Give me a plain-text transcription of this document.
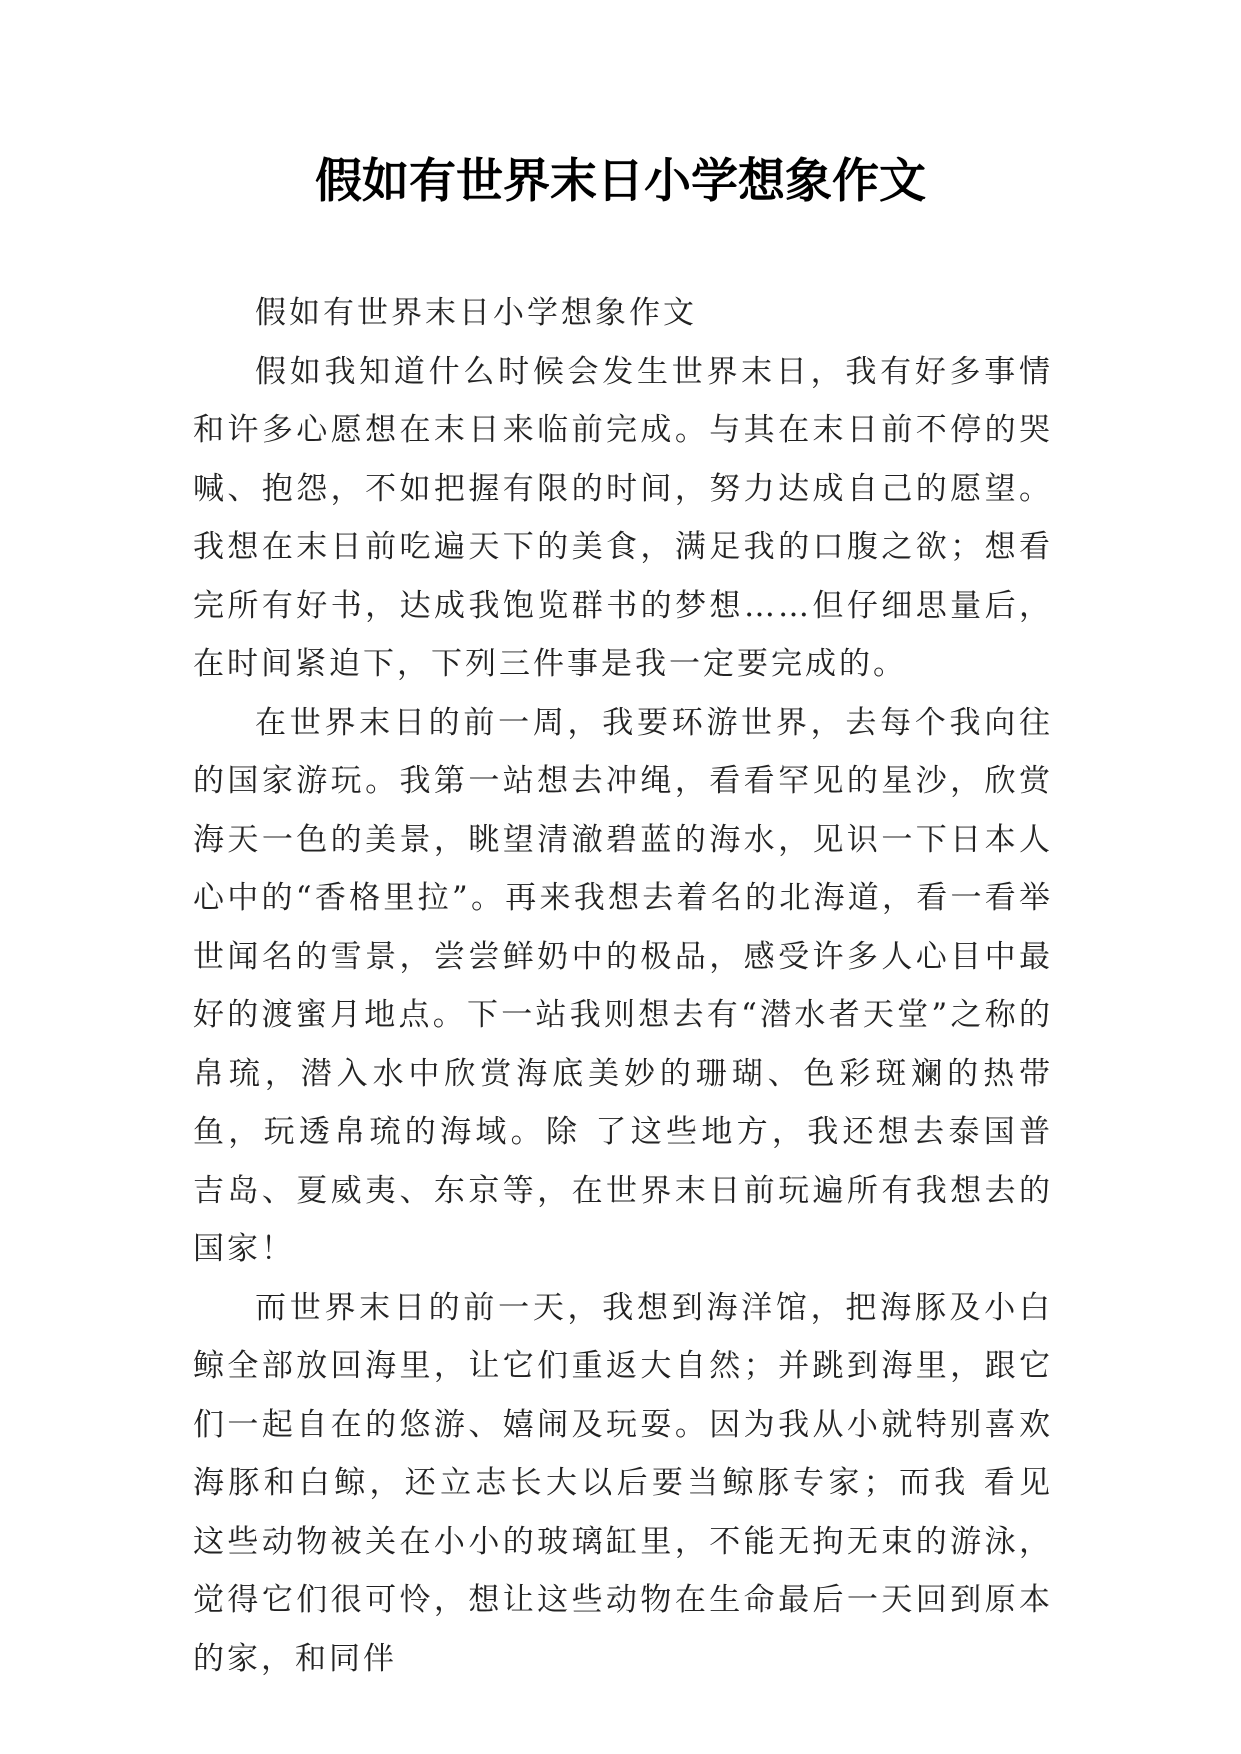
假如有世界末日小学想象作文

假如有世界末日小学想象作文

假如我知道什么时候会发生世界末日，我有好多事情和许多心愿想在末日来临前完成。与其在末日前不停的哭喊、抱怨，不如把握有限的时间，努力达成自己的愿望。我想在末日前吃遍天下的美食，满足我的口腹之欲；想看完所有好书，达成我饱览群书的梦想……但仔细思量后，在时间紧迫下，下列三件事是我一定要完成的。

在世界末日的前一周，我要环游世界，去每个我向往的国家游玩。我第一站想去冲绳，看看罕见的星沙，欣赏海天一色的美景，眺望清澈碧蓝的海水，见识一下日本人心中的“香格里拉”。再来我想去着名的北海道，看一看举世闻名的雪景，尝尝鲜奶中的极品，感受许多人心目中最好的渡蜜月地点。下一站我则想去有“潜水者天堂”之称的帛琉，潜入水中欣赏海底美妙的珊瑚、色彩斑斓的热带鱼，玩透帛琉的海域。除 了这些地方，我还想去泰国普吉岛、夏威夷、东京等，在世界末日前玩遍所有我想去的国家！

而世界末日的前一天，我想到海洋馆，把海豚及小白鲸全部放回海里，让它们重返大自然；并跳到海里，跟它们一起自在的悠游、嬉闹及玩耍。因为我从小就特别喜欢海豚和白鲸，还立志长大以后要当鲸豚专家；而我 看见这些动物被关在小小的玻璃缸里，不能无拘无束的游泳，觉得它们很可怜，想让这些动物在生命最后一天回到原本的家，和同伴
